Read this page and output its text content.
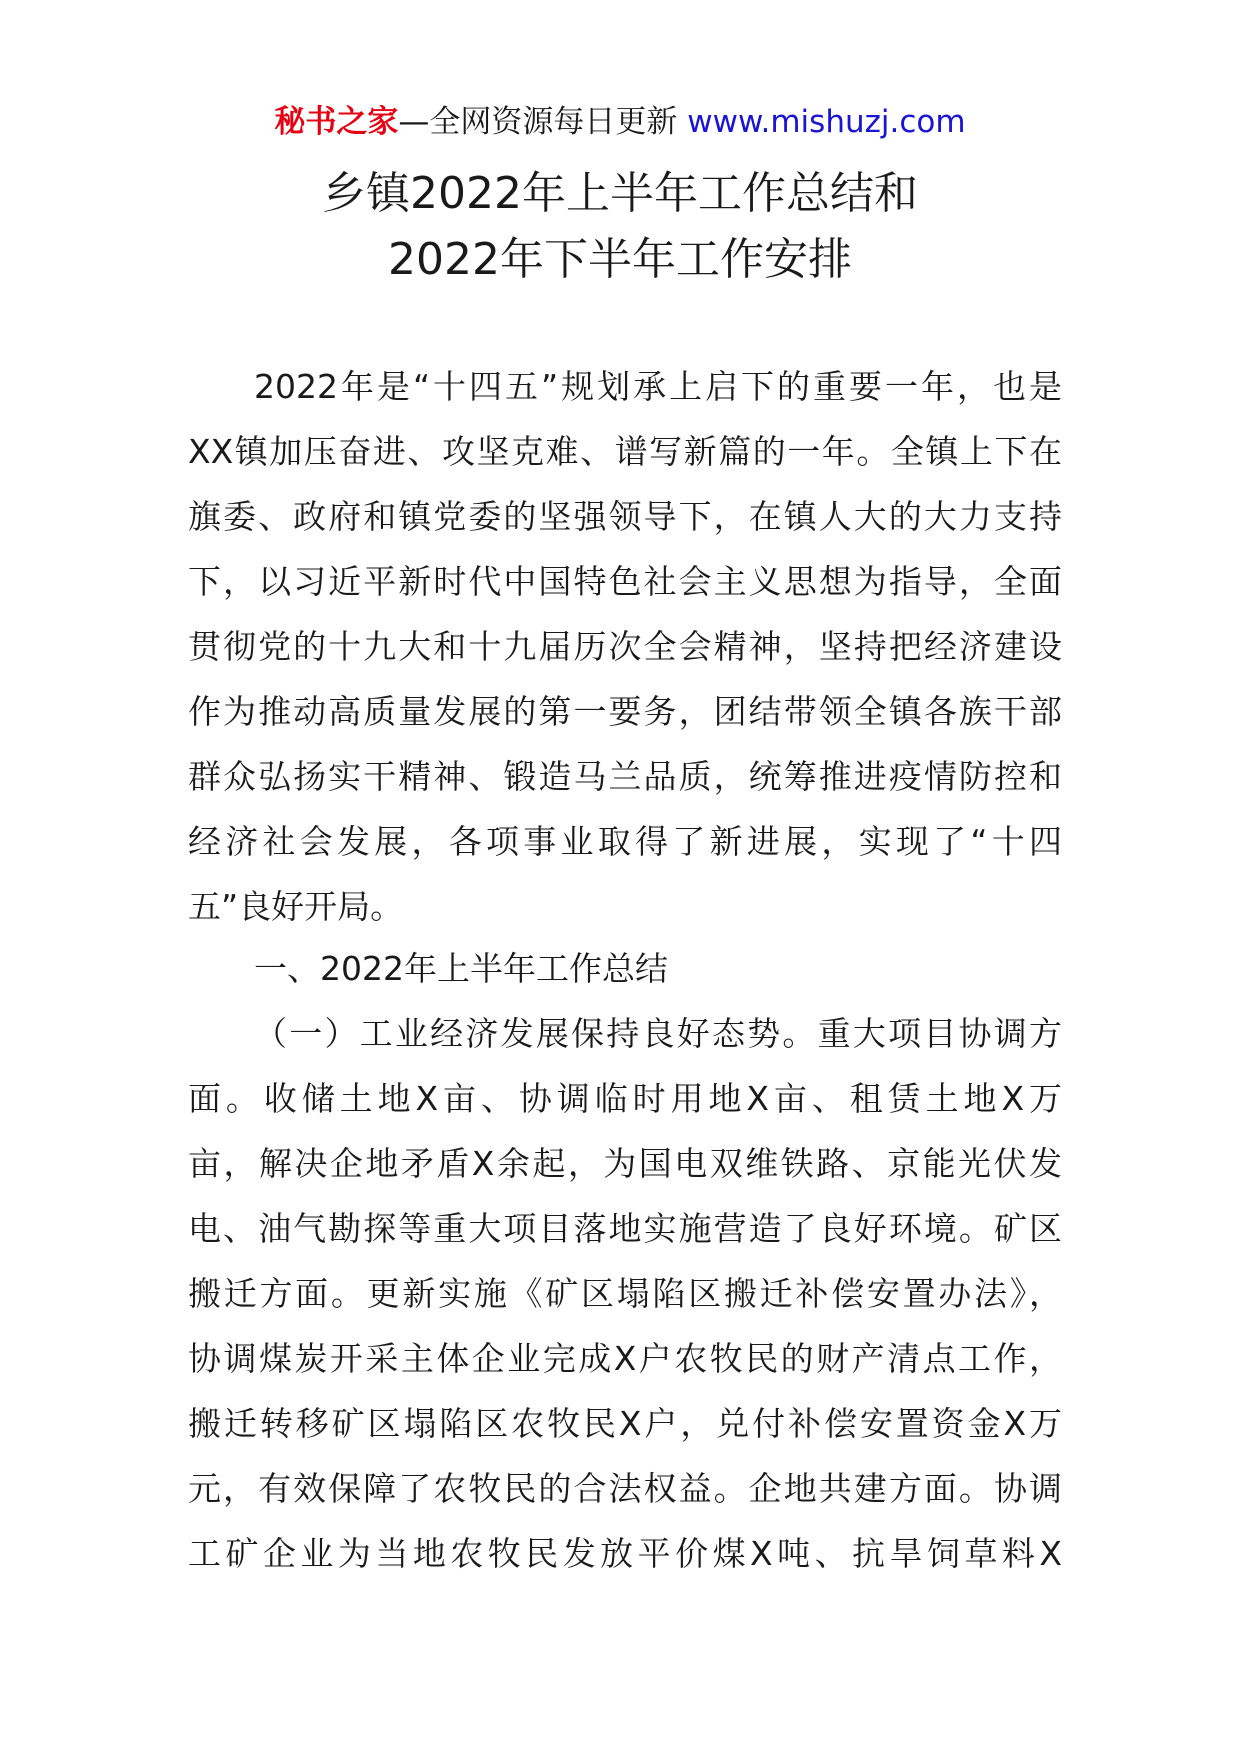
秘书之家—全网资源每日更新 www.mishuzj.com
乡镇2022年上半年工作总结和
2022年下半年工作安排
2022年是“十四五”规划承上启下的重要一年，也是
XX镇加压奋进、攻坚克难、谱写新篇的一年。全镇上下在
旗委、政府和镇党委的坚强领导下，在镇人大的大力支持
下，以习近平新时代中国特色社会主义思想为指导，全面
贯彻党的十九大和十九届历次全会精神，坚持把经济建设
作为推动高质量发展的第一要务，团结带领全镇各族干部
群众弘扬实干精神、锻造马兰品质，统筹推进疫情防控和
经济社会发展，各项事业取得了新进展，实现了“十四
五”良好开局。
一、2022年上半年工作总结
（一）工业经济发展保持良好态势。重大项目协调方
面。收储土地X亩、协调临时用地X亩、租赁土地X万
亩，解决企地矛盾X余起，为国电双维铁路、京能光伏发
电、油气勘探等重大项目落地实施营造了良好环境。矿区
搬迁方面。更新实施《矿区塌陷区搬迁补偿安置办法》，
协调煤炭开采主体企业完成X户农牧民的财产清点工作，
搬迁转移矿区塌陷区农牧民X户，兑付补偿安置资金X万
元，有效保障了农牧民的合法权益。企地共建方面。协调
工矿企业为当地农牧民发放平价煤X吨、抗旱饲草料X
